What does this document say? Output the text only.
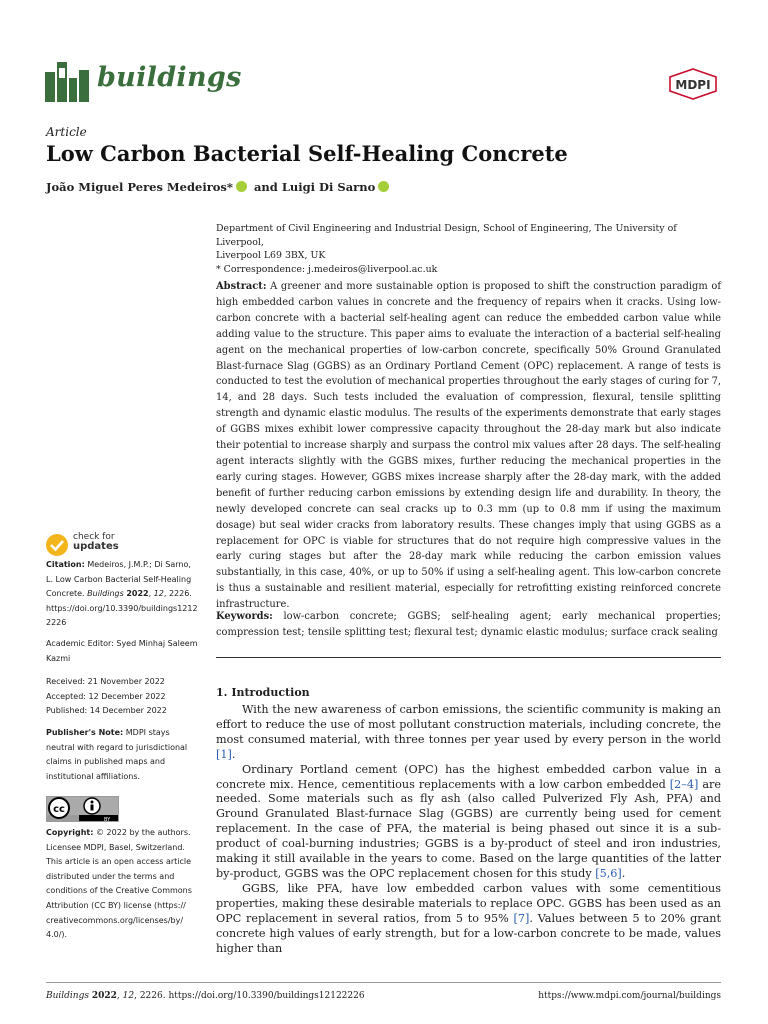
buildings	MDPI
Article
Low Carbon Bacterial Self-Healing Concrete
João Miguel Peres Medeiros* and Luigi Di Sarno
Department of Civil Engineering and Industrial Design, School of Engineering, The University of Liverpool,
Liverpool L69 3BX, UK
* Correspondence: j.medeiros@liverpool.ac.uk
Abstract: A greener and more sustainable option is proposed to shift the construction paradigm of high embedded carbon values in concrete and the frequency of repairs when it cracks. Using low-carbon concrete with a bacterial self-healing agent can reduce the embedded carbon value while adding value to the structure. This paper aims to evaluate the interaction of a bacterial self-healing agent on the mechanical properties of low-carbon concrete, specifically 50% Ground Granulated Blast-furnace Slag (GGBS) as an Ordinary Portland Cement (OPC) replacement. A range of tests is conducted to test the evolution of mechanical properties throughout the early stages of curing for 7, 14, and 28 days. Such tests included the evaluation of compression, flexural, tensile splitting strength and dynamic elastic modulus. The results of the experiments demonstrate that early stages of GGBS mixes exhibit lower compressive capacity throughout the 28-day mark but also indicate their potential to increase sharply and surpass the control mix values after 28 days. The self-healing agent interacts slightly with the GGBS mixes, further reducing the mechanical properties in the early curing stages. However, GGBS mixes increase sharply after the 28-day mark, with the added benefit of further reducing carbon emissions by extending design life and durability. In theory, the newly developed concrete can seal cracks up to 0.3 mm (up to 0.8 mm if using the maximum dosage) but seal wider cracks from laboratory results. These changes imply that using GGBS as a replacement for OPC is viable for structures that do not require high compressive values in the early curing stages but after the 28-day mark while reducing the carbon emission values substantially, in this case, 40%, or up to 50% if using a self-healing agent. This low-carbon concrete is thus a sustainable and resilient material, especially for retrofitting existing reinforced concrete infrastructure.
Keywords: low-carbon concrete; GGBS; self-healing agent; early mechanical properties; compression test; tensile splitting test; flexural test; dynamic elastic modulus; surface crack sealing
1. Introduction

With the new awareness of carbon emissions, the scientific community is making an effort to reduce the use of most pollutant construction materials, including concrete, the most consumed material, with three tonnes per year used by every person in the world [1].

Ordinary Portland cement (OPC) has the highest embedded carbon value in a concrete mix. Hence, cementitious replacements with a low carbon embedded [2–4] are needed. Some materials such as fly ash (also called Pulverized Fly Ash, PFA) and Ground Granulated Blast-furnace Slag (GGBS) are currently being used for cement replacement. In the case of PFA, the material is being phased out since it is a sub-product of coal-burning industries; GGBS is a by-product of steel and iron industries, making it still available in the years to come. Based on the large quantities of the latter by-product, GGBS was the OPC replacement chosen for this study [5,6].

GGBS, like PFA, have low embedded carbon values with some cementitious properties, making these desirable materials to replace OPC. GGBS has been used as an OPC replacement in several ratios, from 5 to 95% [7]. Values between 5 to 20% grant concrete high values of early strength, but for a low-carbon concrete to be made, values higher than

check for
updates
Citation: Medeiros, J.M.P.; Di Sarno, L. Low Carbon Bacterial Self-Healing Concrete. Buildings 2022, 12, 2226. https://doi.org/10.3390/buildings12122226
Academic Editor: Syed Minhaj Saleem Kazmi
Received: 21 November 2022
Accepted: 12 December 2022
Published: 14 December 2022
Publisher's Note: MDPI stays neutral with regard to jurisdictional claims in published maps and institutional affiliations.
cc
BY
Copyright: © 2022 by the authors. Licensee MDPI, Basel, Switzerland. This article is an open access article distributed under the terms and conditions of the Creative Commons Attribution (CC BY) license (https:// creativecommons.org/licenses/by/ 4.0/).
Buildings 2022, 12, 2226. https://doi.org/10.3390/buildings12122226	https://www.mdpi.com/journal/buildings
